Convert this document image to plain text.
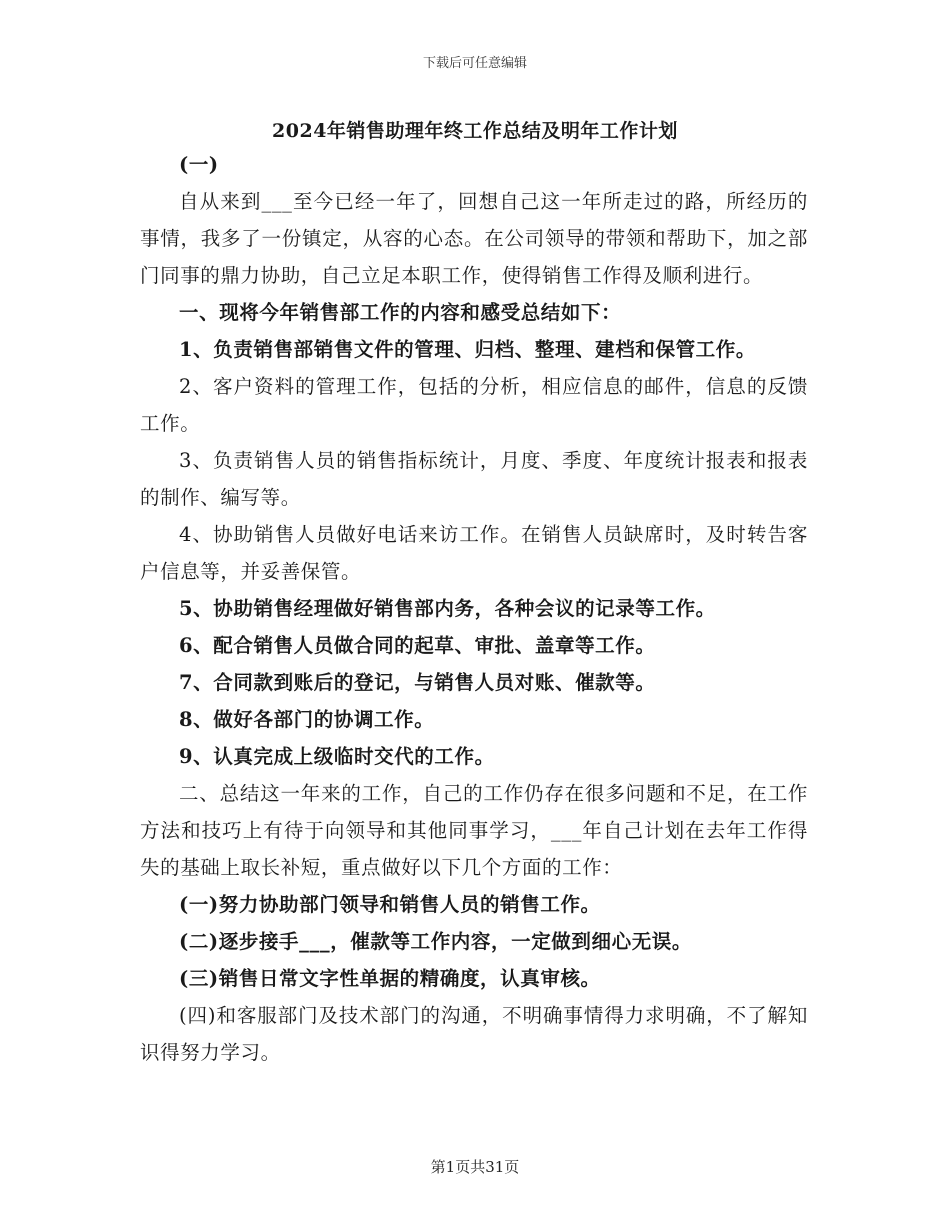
下载后可任意编辑
2024年销售助理年终工作总结及明年工作计划

(一)

自从来到___至今已经一年了，回想自己这一年所走过的路，所经历的事情，我多了一份镇定，从容的心态。在公司领导的带领和帮助下，加之部门同事的鼎力协助，自己立足本职工作，使得销售工作得及顺利进行。

一、现将今年销售部工作的内容和感受总结如下：

1、负责销售部销售文件的管理、归档、整理、建档和保管工作。

2、客户资料的管理工作，包括的分析，相应信息的邮件，信息的反馈工作。

3、负责销售人员的销售指标统计，月度、季度、年度统计报表和报表的制作、编写等。

4、协助销售人员做好电话来访工作。在销售人员缺席时，及时转告客户信息等，并妥善保管。

5、协助销售经理做好销售部内务，各种会议的记录等工作。

6、配合销售人员做合同的起草、审批、盖章等工作。

7、合同款到账后的登记，与销售人员对账、催款等。

8、做好各部门的协调工作。

9、认真完成上级临时交代的工作。

二、总结这一年来的工作，自己的工作仍存在很多问题和不足，在工作方法和技巧上有待于向领导和其他同事学习，___年自己计划在去年工作得失的基础上取长补短，重点做好以下几个方面的工作：

(一)努力协助部门领导和销售人员的销售工作。

(二)逐步接手___，催款等工作内容，一定做到细心无误。

(三)销售日常文字性单据的精确度，认真审核。

(四)和客服部门及技术部门的沟通，不明确事情得力求明确，不了解知识得努力学习。

第1页共31页
